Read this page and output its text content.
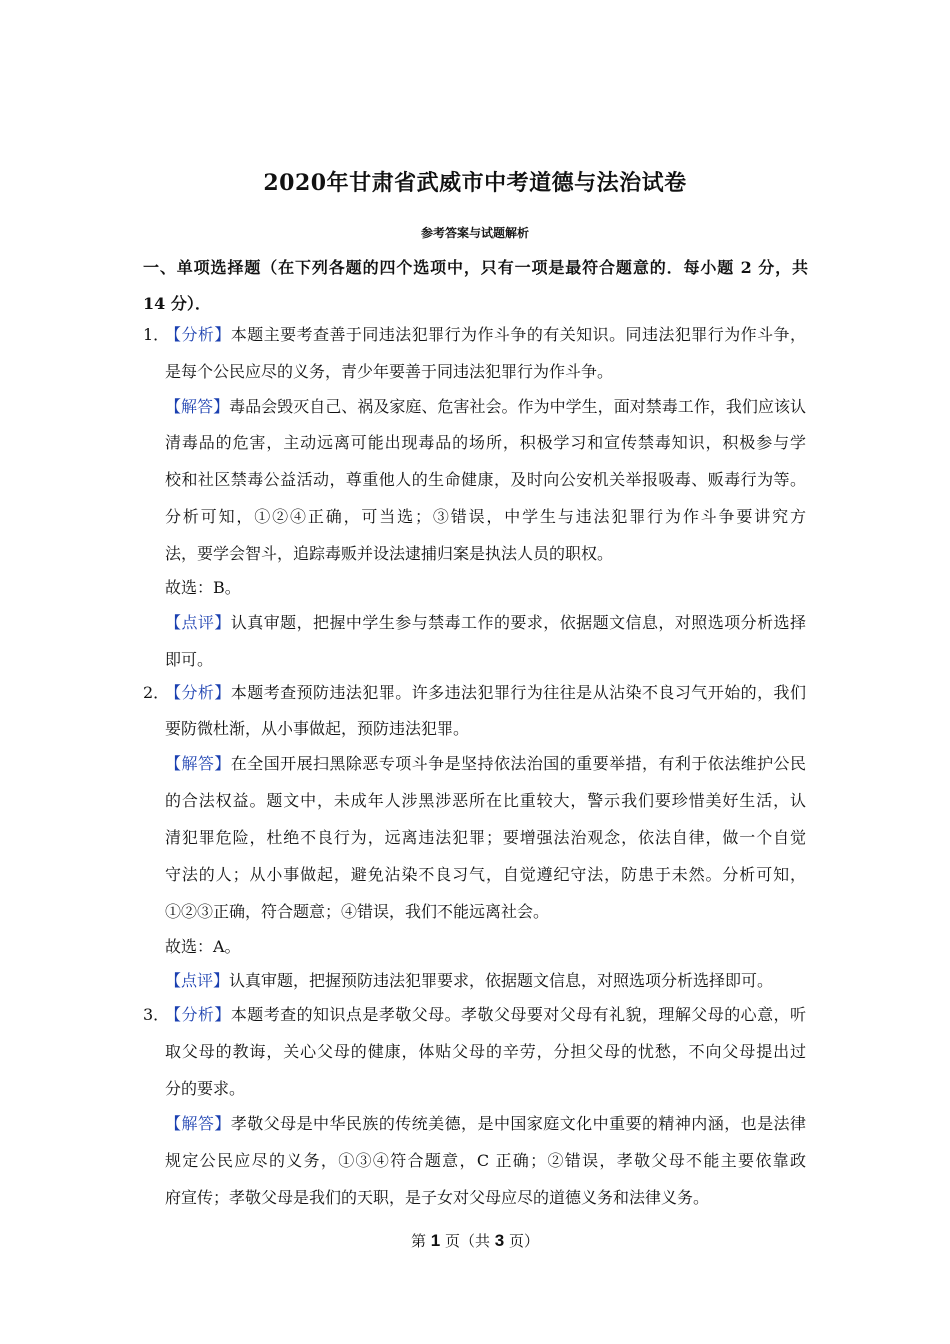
2020年甘肃省武威市中考道德与法治试卷
参考答案与试题解析
一、单项选择题（在下列各题的四个选项中，只有一项是最符合题意的．每小题 2 分，共
14 分）．
1．
【分析】本题主要考查善于同违法犯罪行为作斗争的有关知识。同违法犯罪行为作斗争，
是每个公民应尽的义务，青少年要善于同违法犯罪行为作斗争。
【解答】毒品会毁灭自己、祸及家庭、危害社会。作为中学生，面对禁毒工作，我们应该认
清毒品的危害，主动远离可能出现毒品的场所，积极学习和宣传禁毒知识，积极参与学
校和社区禁毒公益活动，尊重他人的生命健康，及时向公安机关举报吸毒、贩毒行为等。
分析可知，①②④正确，可当选；③错误，中学生与违法犯罪行为作斗争要讲究方
法，要学会智斗，追踪毒贩并设法逮捕归案是执法人员的职权。
故选：B。
【点评】认真审题，把握中学生参与禁毒工作的要求，依据题文信息，对照选项分析选择
即可。
2．
【分析】本题考查预防违法犯罪。许多违法犯罪行为往往是从沾染不良习气开始的，我们
要防微杜渐，从小事做起，预防违法犯罪。
【解答】在全国开展扫黑除恶专项斗争是坚持依法治国的重要举措，有利于依法维护公民
的合法权益。题文中，未成年人涉黑涉恶所在比重较大，警示我们要珍惜美好生活，认
清犯罪危险，杜绝不良行为，远离违法犯罪；要增强法治观念，依法自律，做一个自觉
守法的人；从小事做起，避免沾染不良习气，自觉遵纪守法，防患于未然。分析可知，
①②③正确，符合题意；④错误，我们不能远离社会。
故选：A。
【点评】认真审题，把握预防违法犯罪要求，依据题文信息，对照选项分析选择即可。
3．
【分析】本题考查的知识点是孝敬父母。孝敬父母要对父母有礼貌，理解父母的心意，听
取父母的教诲，关心父母的健康，体贴父母的辛劳，分担父母的忧愁，不向父母提出过
分的要求。
【解答】孝敬父母是中华民族的传统美德，是中国家庭文化中重要的精神内涵，也是法律
规定公民应尽的义务，①③④符合题意，C 正确；②错误，孝敬父母不能主要依靠政
府宣传；孝敬父母是我们的天职，是子女对父母应尽的道德义务和法律义务。
第 1 页（共 3 页）
